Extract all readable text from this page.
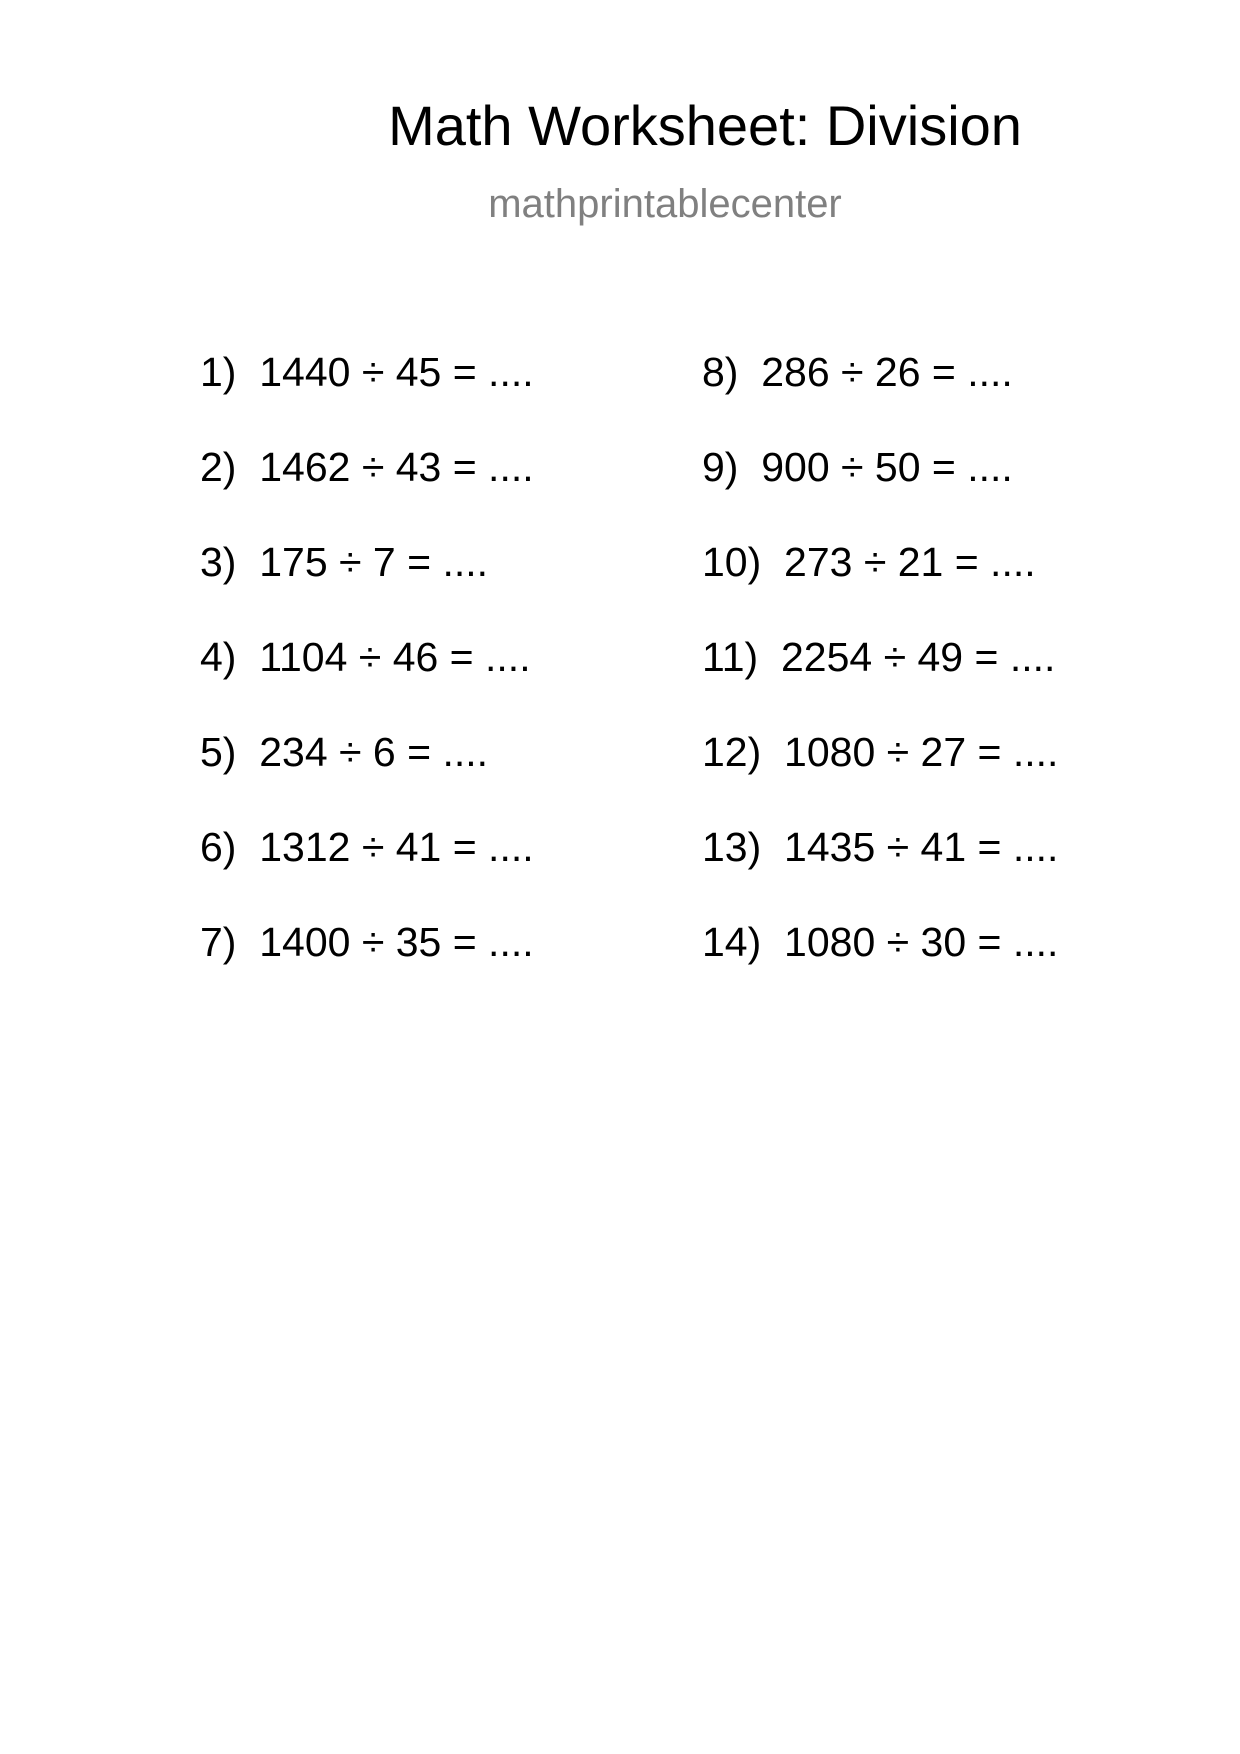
Math Worksheet: Division
mathprintablecenter
1)  1440 ÷ 45 = ....
2)  1462 ÷ 43 = ....
3)  175 ÷ 7 = ....
4)  1104 ÷ 46 = ....
5)  234 ÷ 6 = ....
6)  1312 ÷ 41 = ....
7)  1400 ÷ 35 = ....
8)  286 ÷ 26 = ....
9)  900 ÷ 50 = ....
10)  273 ÷ 21 = ....
11)  2254 ÷ 49 = ....
12)  1080 ÷ 27 = ....
13)  1435 ÷ 41 = ....
14)  1080 ÷ 30 = ....
